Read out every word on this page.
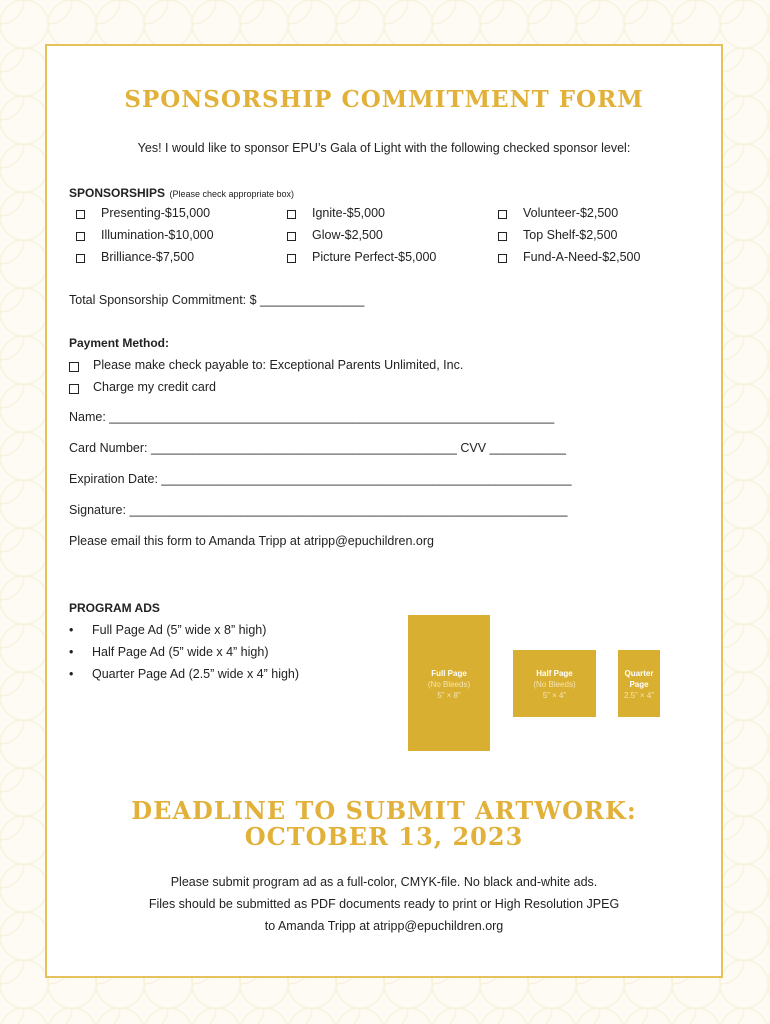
SPONSORSHIP COMMITMENT FORM
Yes! I would like to sponsor EPU’s Gala of Light with the following checked sponsor level:
SPONSORSHIPS (Please check appropriate box)
Presenting-$15,000
Illumination-$10,000
Brilliance-$7,500
Ignite-$5,000
Glow-$2,500
Picture Perfect-$5,000
Volunteer-$2,500
Top Shelf-$2,500
Fund-A-Need-$2,500
Total Sponsorship Commitment: $ _______________
Payment Method:
Please make check payable to: Exceptional Parents Unlimited, Inc.
Charge my credit card
Name: ________________________________________________________________
Card Number: ____________________________________________ CVV ___________
Expiration Date: ___________________________________________________________
Signature: _______________________________________________________________
Please email this form to Amanda Tripp at atripp@epuchildren.org
PROGRAM ADS
• Full Page Ad (5” wide x 8” high)
• Half Page Ad (5” wide x 4” high)
• Quarter Page Ad (2.5” wide x 4” high)	Full Page
(No Bleeds)
5” × 8”
Half Page
(No Bleeds)
5” × 4”
Quarter Page
2.5” × 4”
DEADLINE TO SUBMIT ARTWORK:
OCTOBER 13, 2023
Please submit program ad as a full-color, CMYK-file. No black and-white ads.
Files should be submitted as PDF documents ready to print or High Resolution JPEG
to Amanda Tripp at atripp@epuchildren.org
